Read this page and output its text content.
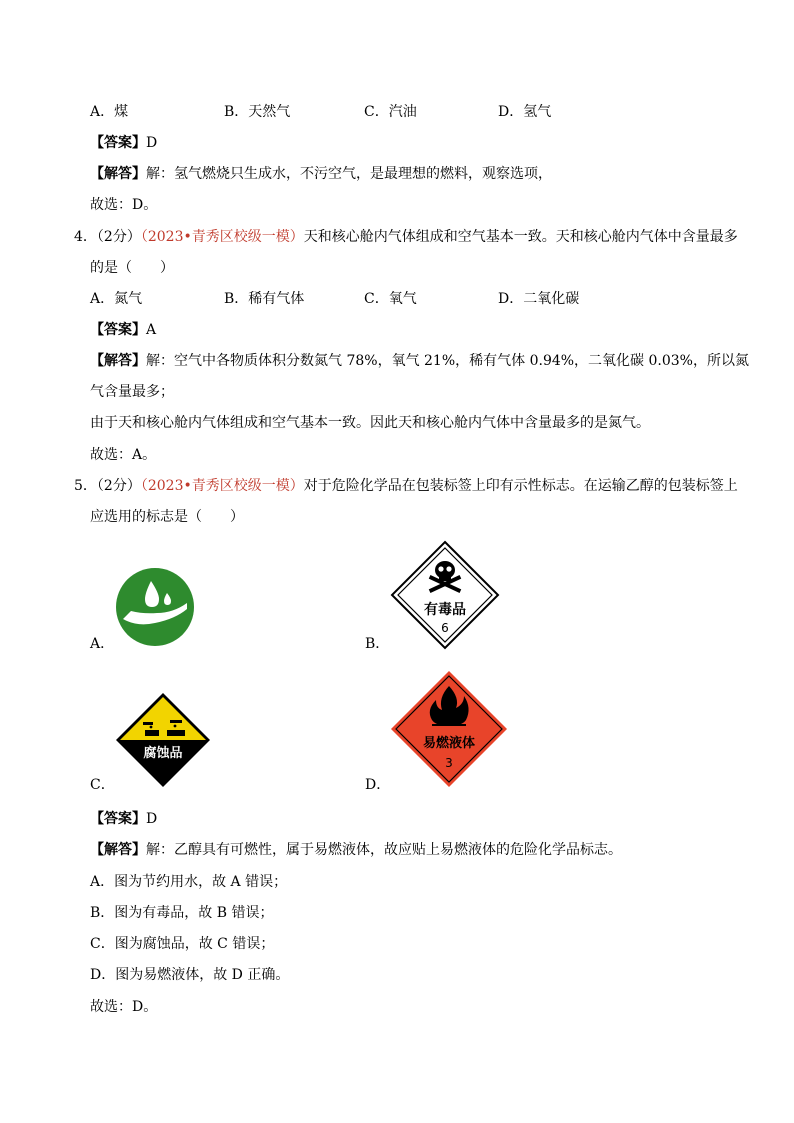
A．煤	B．天然气	C．汽油	D．氢气
【答案】D
【解答】解：氢气燃烧只生成水，不污空气，是最理想的燃料，观察选项，
故选：D。
4．（2分）（2023•青秀区校级一模）天和核心舱内气体组成和空气基本一致。天和核心舱内气体中含量最多
的是（　　）
A．氮气	B．稀有气体	C．氧气	D．二氧化碳
【答案】A
【解答】解：空气中各物质体积分数氮气 78%，氧气 21%，稀有气体 0.94%，二氧化碳 0.03%，所以氮
气含量最多；
由于天和核心舱内气体组成和空气基本一致。因此天和核心舱内气体中含量最多的是氮气。
故选：A。
5．（2分）（2023•青秀区校级一模）对于危险化学品在包装标签上印有示性标志。在运输乙醇的包装标签上
应选用的标志是（　　）
A．
有毒品
6
B．
腐蚀品
C．
易燃液体
3
D．
【答案】D
【解答】解：乙醇具有可燃性，属于易燃液体，故应贴上易燃液体的危险化学品标志。
A．图为节约用水，故 A 错误；
B．图为有毒品，故 B 错误；
C．图为腐蚀品，故 C 错误；
D．图为易燃液体，故 D 正确。
故选：D。
